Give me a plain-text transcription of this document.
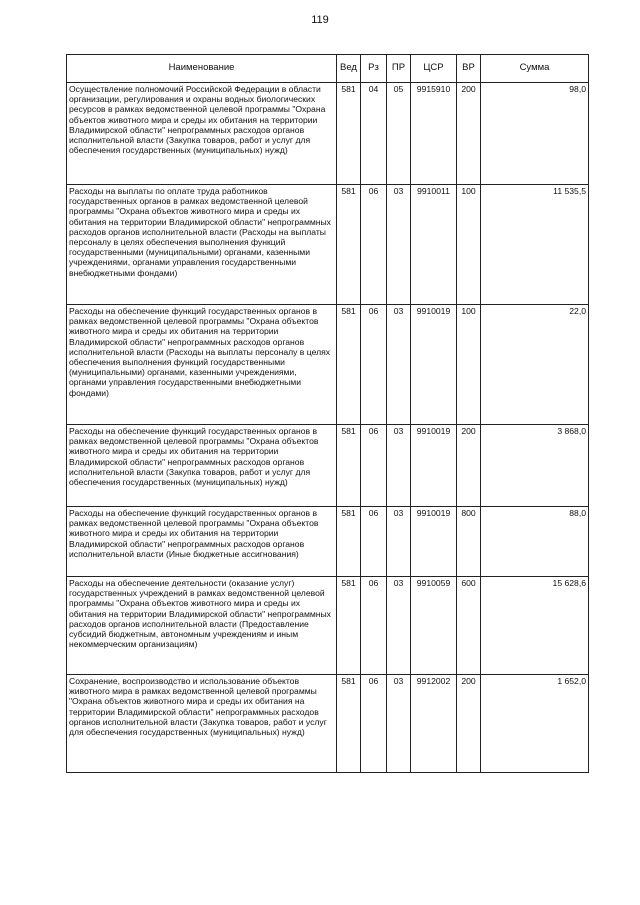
119
Наименование	Вед	Рз	ПР	ЦСР	ВР	Сумма
Осуществление полномочий Российской Федерации в области организации, регулирования и охраны водных биологических ресурсов в рамках ведомственной целевой программы "Охрана объектов животного мира и среды их обитания на территории Владимирской области" непрограммных расходов органов исполнительной власти (Закупка товаров, работ и услуг для обеспечения государственных (муниципальных) нужд)	581	04	05	9915910	200	98,0
Расходы на выплаты по оплате труда работников государственных органов в рамках ведомственной целевой программы "Охрана объектов животного мира и среды их обитания на территории Владимирской области" непрограммных расходов органов исполнительной власти (Расходы на выплаты персоналу в целях обеспечения выполнения функций государственными (муниципальными) органами, казенными учреждениями, органами управления государственными внебюджетными фондами)	581	06	03	9910011	100	11 535,5
Расходы на обеспечение функций государственных органов в рамках ведомственной целевой программы "Охрана объектов животного мира и среды их обитания на территории Владимирской области" непрограммных расходов органов исполнительной власти (Расходы на выплаты персоналу в целях обеспечения выполнения функций государственными (муниципальными) органами, казенными учреждениями, органами управления государственными внебюджетными фондами)	581	06	03	9910019	100	22,0
Расходы на обеспечение функций государственных органов в рамках ведомственной целевой программы "Охрана объектов животного мира и среды их обитания на территории Владимирской области" непрограммных расходов органов исполнительной власти (Закупка товаров, работ и услуг для обеспечения государственных (муниципальных) нужд)	581	06	03	9910019	200	3 868,0
Расходы на обеспечение функций государственных органов в рамках ведомственной целевой программы "Охрана объектов животного мира и среды их обитания на территории Владимирской области" непрограммных расходов органов исполнительной власти (Иные бюджетные ассигнования)	581	06	03	9910019	800	88,0
Расходы на обеспечение деятельности (оказание услуг) государственных учреждений в рамках ведомственной целевой программы "Охрана объектов животного мира и среды их обитания на территории Владимирской области" непрограммных расходов органов исполнительной власти (Предоставление субсидий бюджетным, автономным учреждениям и иным некоммерческим организациям)	581	06	03	9910059	600	15 628,6
Сохранение, воспроизводство и использование объектов животного мира в рамках ведомственной целевой программы "Охрана объектов животного мира и среды их обитания на территории Владимирской области" непрограммных расходов органов исполнительной власти (Закупка товаров, работ и услуг для обеспечения государственных (муниципальных) нужд)	581	06	03	9912002	200	1 652,0
